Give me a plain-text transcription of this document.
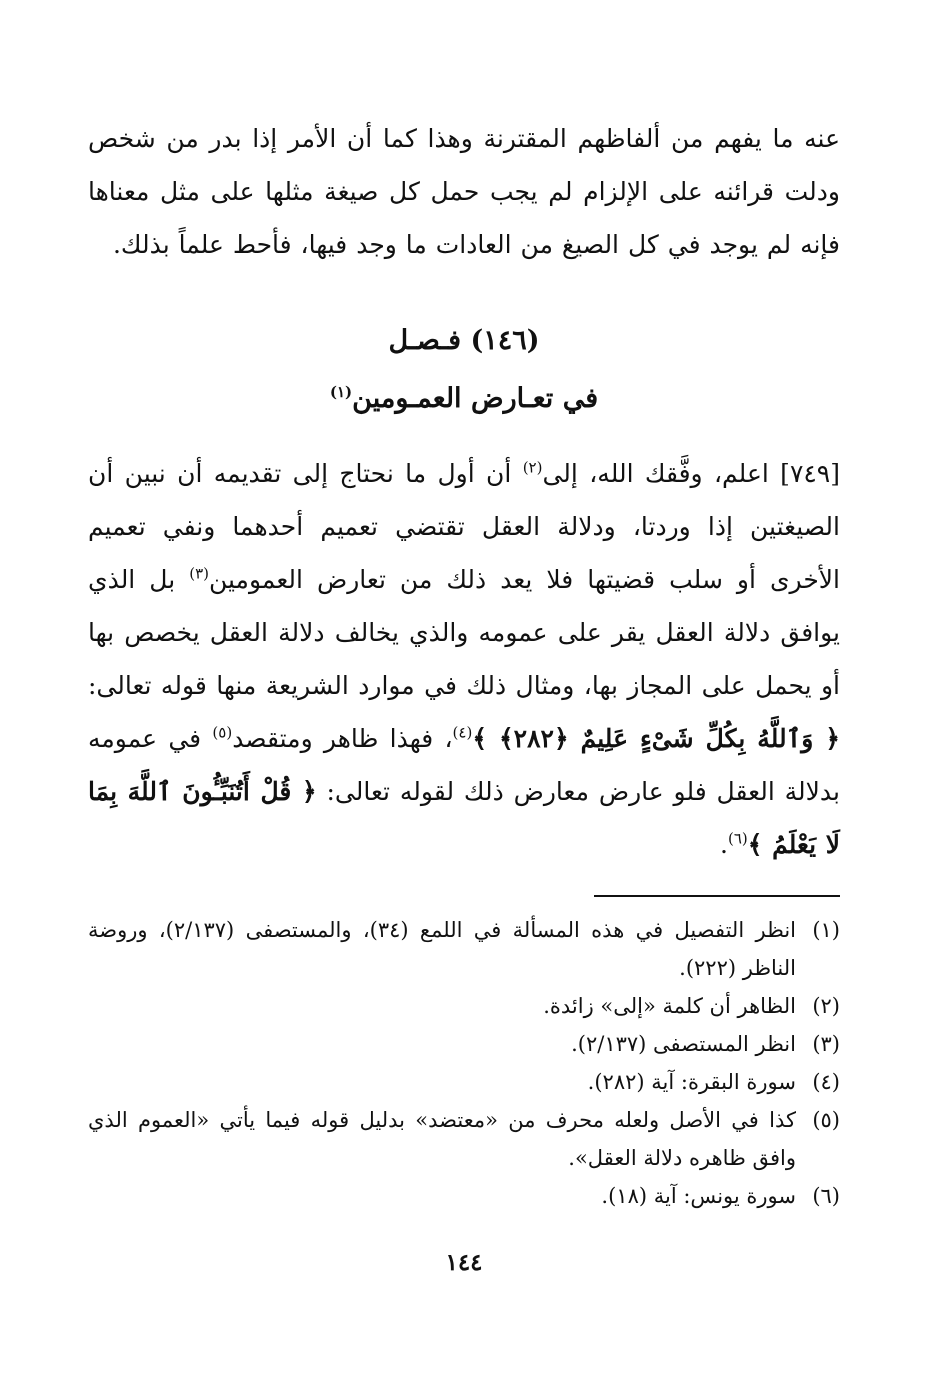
عنه ما يفهم من ألفاظهم المقترنة وهذا كما أن الأمر إذا بدر من شخص ودلت قرائنه على الإلزام لم يجب حمل كل صيغة مثلها على مثل معناها فإنه لم يوجد في كل الصيغ من العادات ما وجد فيها، فأحط علماً بذلك.

(١٤٦) فـصـل
في تعـارض العمـومين$^{(١)}$

[٧٤٩] اعلم، وفَّقك الله، إلى$^{(٢)}$ أن أول ما نحتاج إلى تقديمه أن نبين أن الصيغتين إذا وردتا، ودلالة العقل تقتضي تعميم أحدهما ونفي تعميم الأخرى أو سلب قضيتها فلا يعد ذلك من تعارض العمومين$^{(٣)}$ بل الذي يوافق دلالة العقل يقر على عمومه والذي يخالف دلالة العقل يخصص بها أو يحمل على المجاز بها، ومثال ذلك في موارد الشريعة منها قوله تعالى: ﴿ وَٱللَّهُ بِكُلِّ شَىْءٍ عَلِيمٌ ﴿٢٨٢﴾ ﴾$^{(٤)}$، فهذا ظاهر ومتقصد$^{(٥)}$ في عمومه بدلالة العقل فلو عارض معارض ذلك لقوله تعالى: ﴿ قُلْ أَتُنَبِّـُٔونَ ٱللَّهَ بِمَا لَا يَعْلَمُ ﴾$^{(٦)}$.

(١)انظر التفصيل في هذه المسألة في اللمع (٣٤)، والمستصفى (٢/١٣٧)، وروضة الناظر (٢٢٢).
(٢)الظاهر أن كلمة «إلى» زائدة.
(٣)انظر المستصفى (٢/١٣٧).
(٤)سورة البقرة: آية (٢٨٢).
(٥)كذا في الأصل ولعله محرف من «معتضد» بدليل قوله فيما يأتي «العموم الذي وافق ظاهره دلالة العقل».
(٦)سورة يونس: آية (١٨).
١٤٤
